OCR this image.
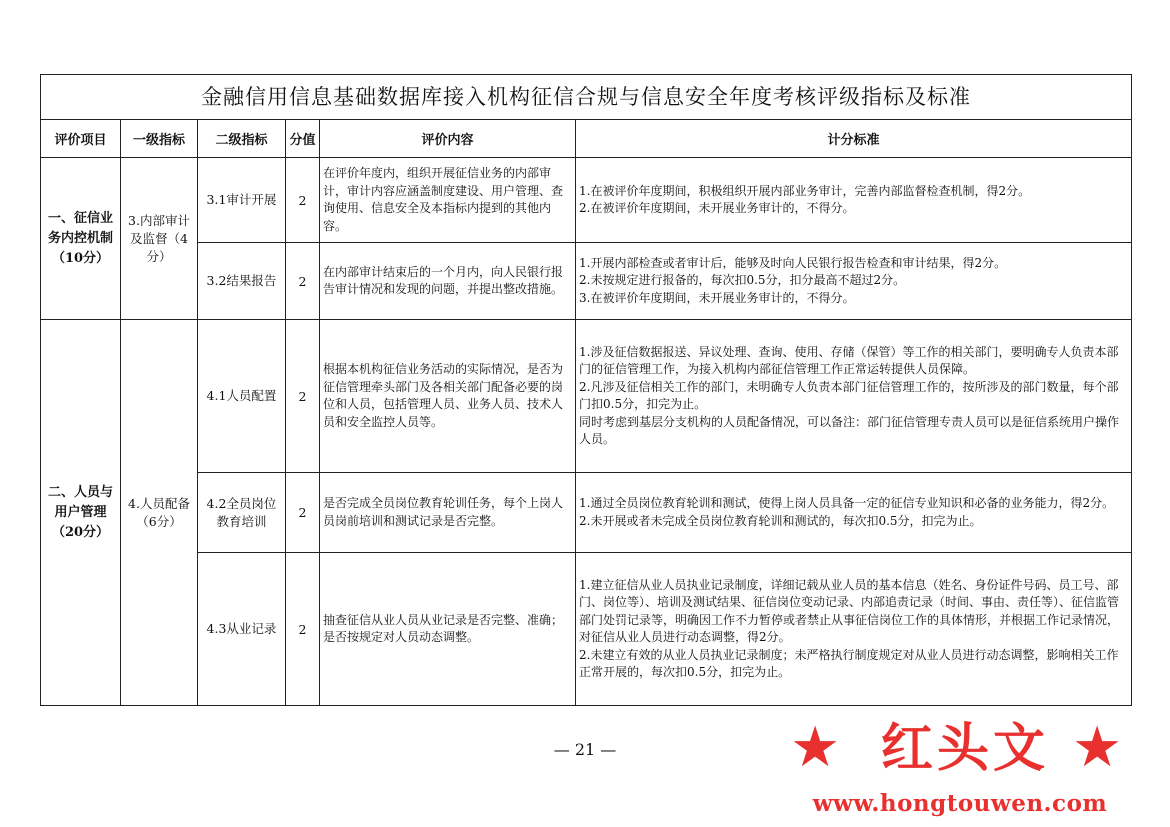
金融信用信息基础数据库接入机构征信合规与信息安全年度考核评级指标及标准					
评价项目	一级指标	二级指标	分值	评价内容	计分标准
一、征信业务内控机制（10分）	3.内部审计及监督（4分）	3.1审计开展	2	在评价年度内，组织开展征信业务的内部审计，审计内容应涵盖制度建设、用户管理、查询使用、信息安全及本指标内提到的其他内容。	1.在被评价年度期间，积极组织开展内部业务审计，完善内部监督检查机制，得2分。
2.在被评价年度期间，未开展业务审计的，不得分。

		3.2结果报告	2	在内部审计结束后的一个月内，向人民银行报告审计情况和发现的问题，并提出整改措施。	1.开展内部检查或者审计后，能够及时向人民银行报告检查和审计结果，得2分。
2.未按规定进行报备的，每次扣0.5分，扣分最高不超过2分。
3.在被评价年度期间，未开展业务审计的，不得分。

二、人员与用户管理（20分）	4.人员配备（6分）	4.1人员配置	2	根据本机构征信业务活动的实际情况，是否为征信管理牵头部门及各相关部门配备必要的岗位和人员，包括管理人员、业务人员、技术人员和安全监控人员等。	1.涉及征信数据报送、异议处理、查询、使用、存储（保管）等工作的相关部门，要明确专人负责本部门的征信管理工作，为接入机构内部征信管理工作正常运转提供人员保障。
2.凡涉及征信相关工作的部门，未明确专人负责本部门征信管理工作的，按所涉及的部门数量，每个部门扣0.5分，扣完为止。
同时考虑到基层分支机构的人员配备情况，可以备注：部门征信管理专责人员可以是征信系统用户操作人员。

		4.2全员岗位教育培训	2	是否完成全员岗位教育轮训任务，每个上岗人员岗前培训和测试记录是否完整。	1.通过全员岗位教育轮训和测试，使得上岗人员具备一定的征信专业知识和必备的业务能力，得2分。
2.未开展或者未完成全员岗位教育轮训和测试的，每次扣0.5分，扣完为止。

		4.3从业记录	2	抽查征信从业人员从业记录是否完整、准确；是否按规定对人员动态调整。	1.建立征信从业人员执业记录制度，详细记载从业人员的基本信息（姓名、身份证件号码、员工号、部门、岗位等）、培训及测试结果、征信岗位变动记录、内部追责记录（时间、事由、责任等）、征信监管部门处罚记录等，明确因工作不力暂停或者禁止从事征信岗位工作的具体情形，并根据工作记录情况，对征信从业人员进行动态调整，得2分。
2.未建立有效的从业人员执业记录制度；未严格执行制度规定对从业人员进行动态调整，影响相关工作正常开展的，每次扣0.5分，扣完为止。
— 21 —	★ 红头文 ★
www.hongtouwen.com
